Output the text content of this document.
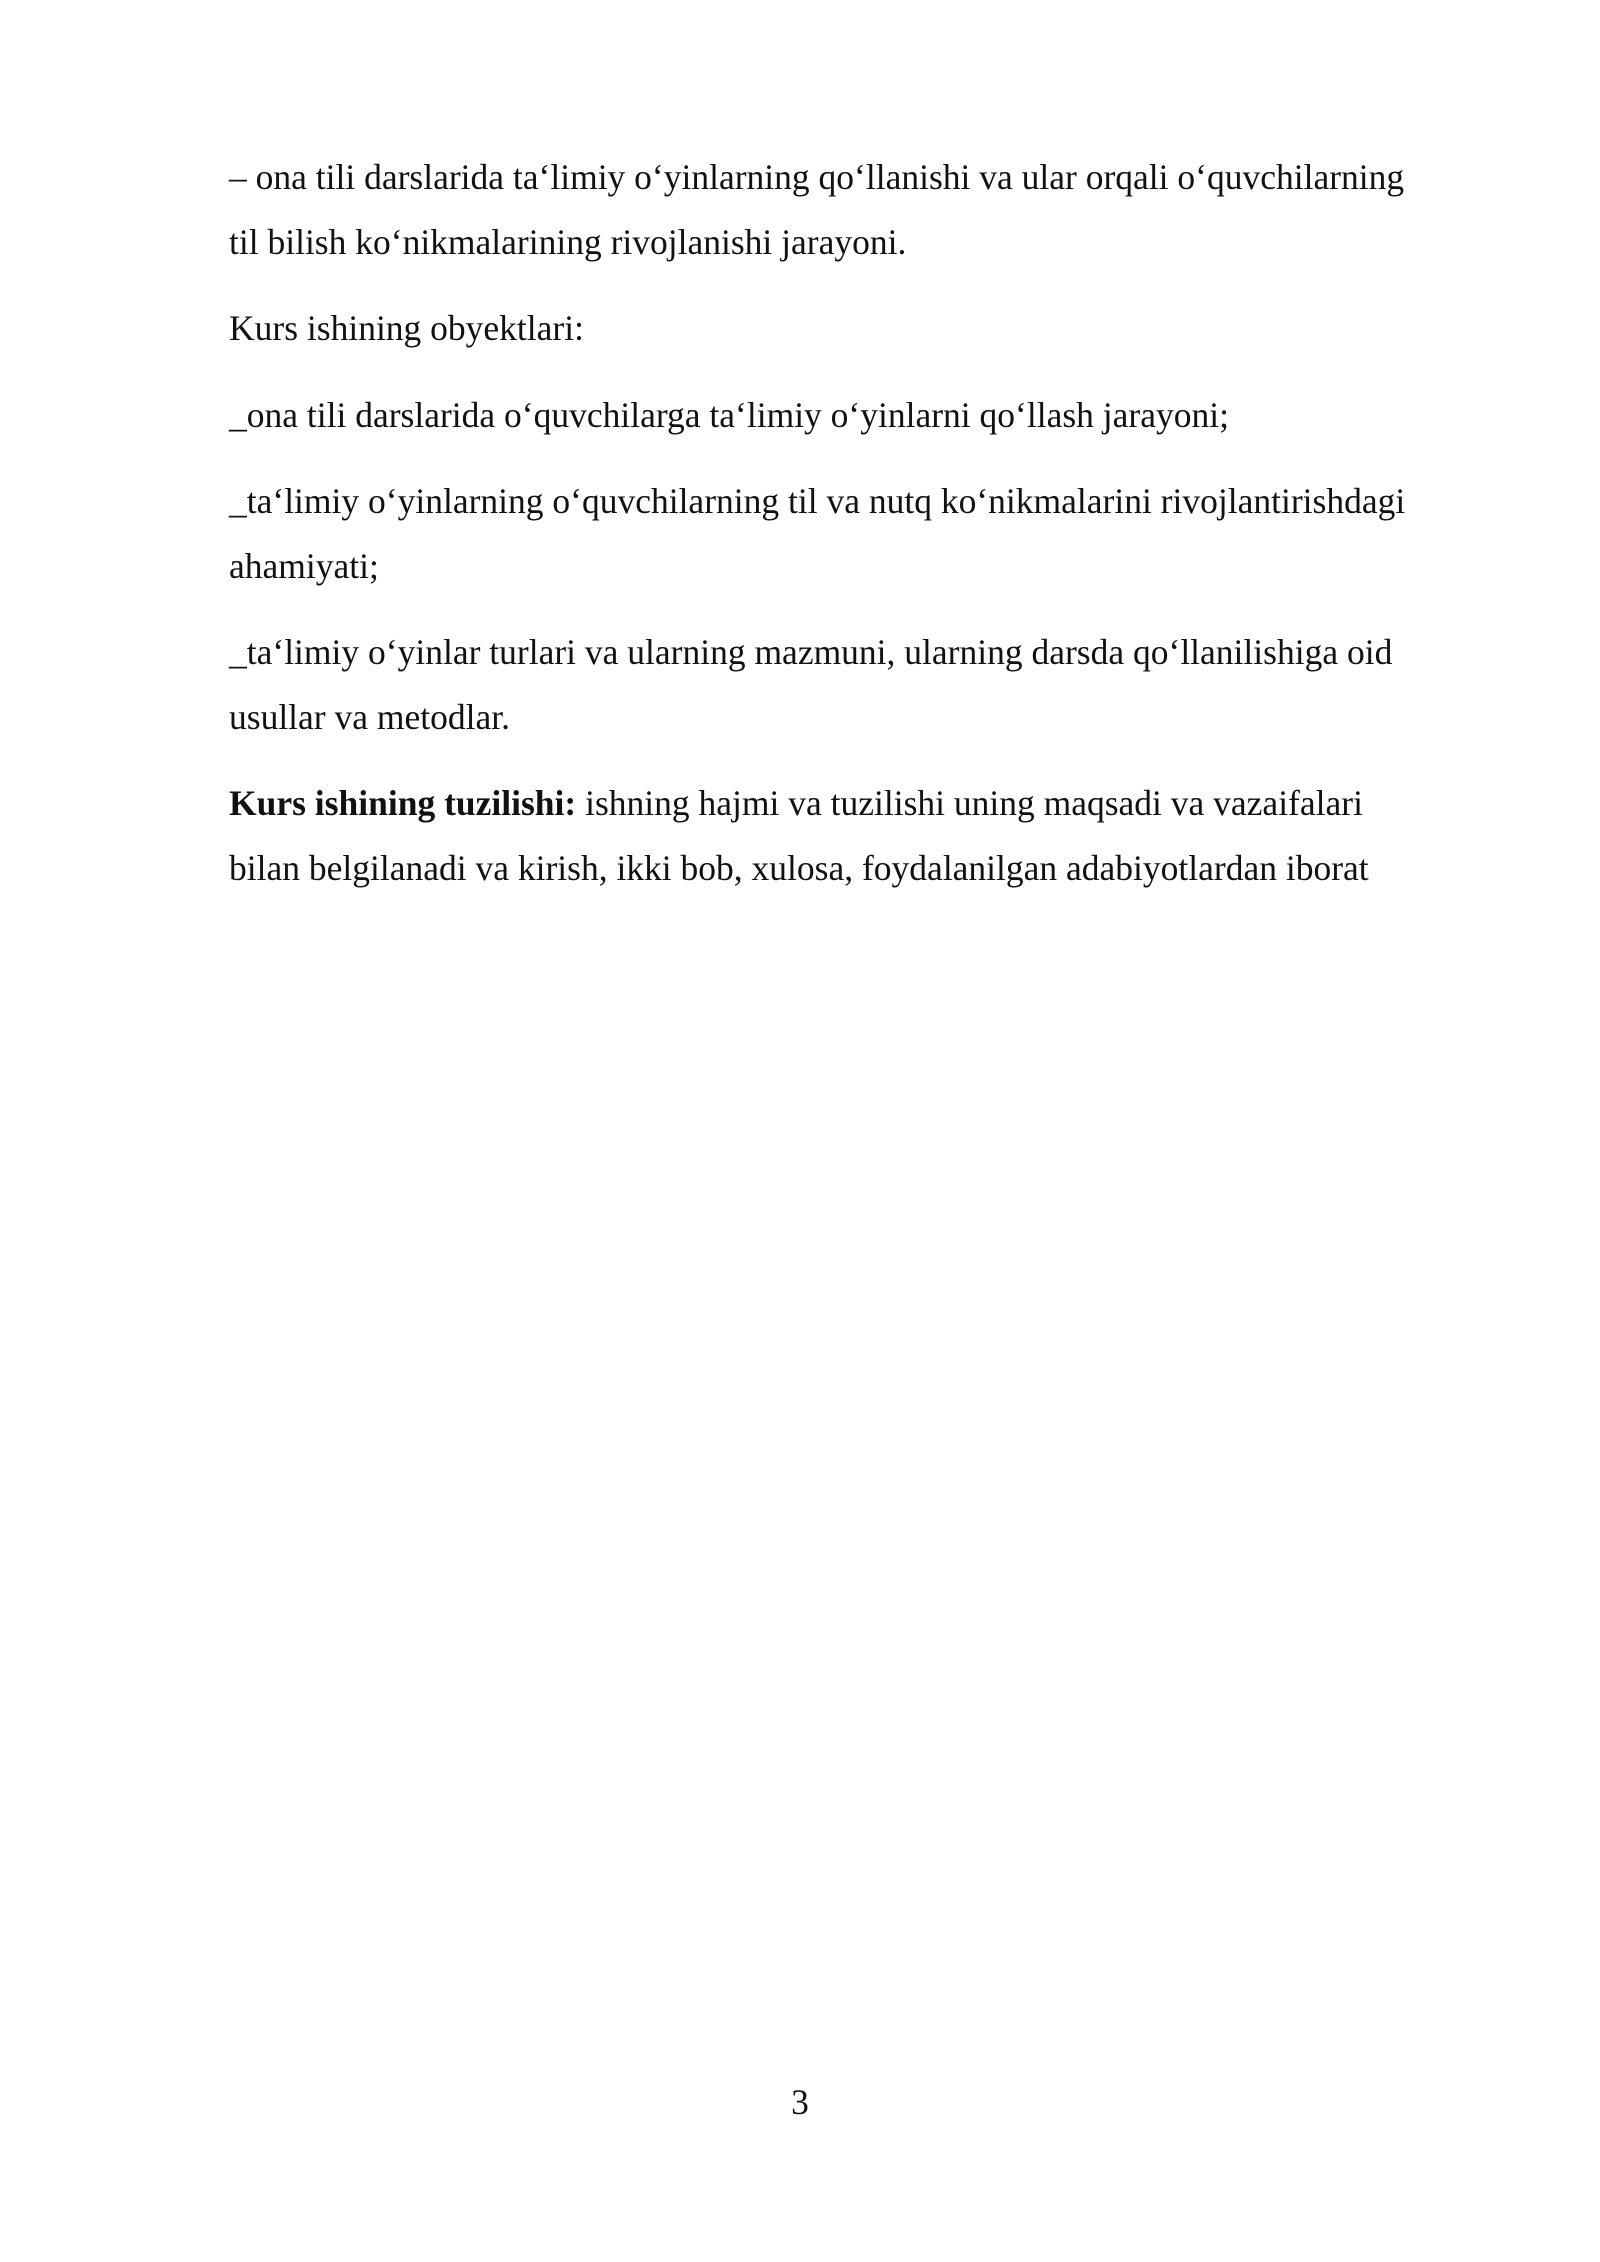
– ona tili darslarida ta‘limiy o‘yinlarning qo‘llanishi va ular orqali o‘quvchilarning
til bilish ko‘nikmalarining rivojlanishi jarayoni.

Kurs ishining obyektlari:

_ona tili darslarida o‘quvchilarga ta‘limiy o‘yinlarni qo‘llash jarayoni;

_ta‘limiy o‘yinlarning o‘quvchilarning til va nutq ko‘nikmalarini rivojlantirishdagi
ahamiyati;

_ta‘limiy o‘yinlar turlari va ularning mazmuni, ularning darsda qo‘llanilishiga oid
usullar va metodlar.

Kurs ishining tuzilishi: ishning hajmi va tuzilishi uning maqsadi va vazaifalari
bilan belgilanadi va kirish, ikki bob, xulosa, foydalanilgan adabiyotlardan iborat

3
